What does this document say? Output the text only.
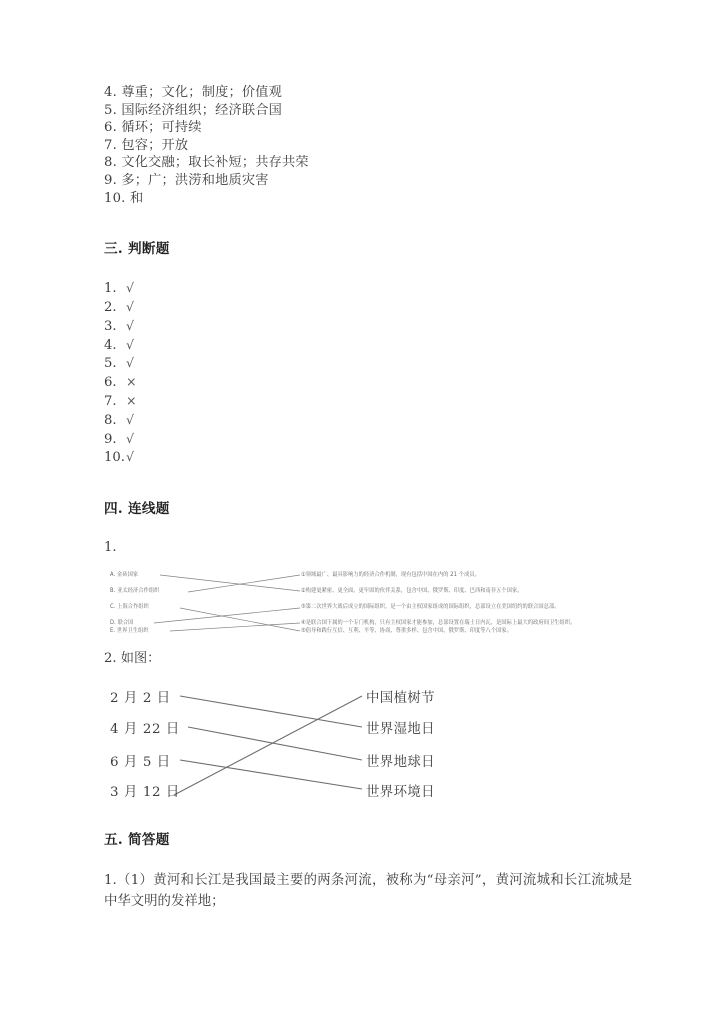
4. 尊重；文化；制度；价值观
5. 国际经济组织；经济联合国
6. 循环；可持续
7. 包容；开放
8. 文化交融；取长补短；共存共荣
9. 多；广；洪涝和地质灾害
10. 和
三. 判断题
1. √
2. √
3. √
4. √
5. √
6. ×
7. ×
8. √
9. √
10.√
四. 连线题
1.
A. 金砖国家
B. 亚太经济合作组织
C. 上海合作组织
D. 联合国
E. 世界卫生组织
①领域最广、最具影响力的经济合作机制，现有包括中国在内的 21 个成员。
②构建更紧密、更全面、更牢固的伙伴关系，包含中国、俄罗斯、印度、巴西和南非五个国家。
③第二次世界大战后成立的国际组织，是一个由主权国家组成的国际组织，总部设立在美国纽约的联合国总部。
④是联合国下属的一个专门机构，只有主权国家才能参加，总部设置在瑞士日内瓦，是国际上最大的政府间卫生组织。
⑤倡导和践行互信、互利、平等、协商、尊重多样、包含中国、俄罗斯、印度等八个国家。
2. 如图：
2 月 2 日
4 月 22 日
6 月 5 日
3 月 12 日
中国植树节
世界湿地日
世界地球日
世界环境日
五. 简答题
1.（1）黄河和长江是我国最主要的两条河流，被称为“母亲河”，黄河流城和长江流城是中华文明的发祥地；
